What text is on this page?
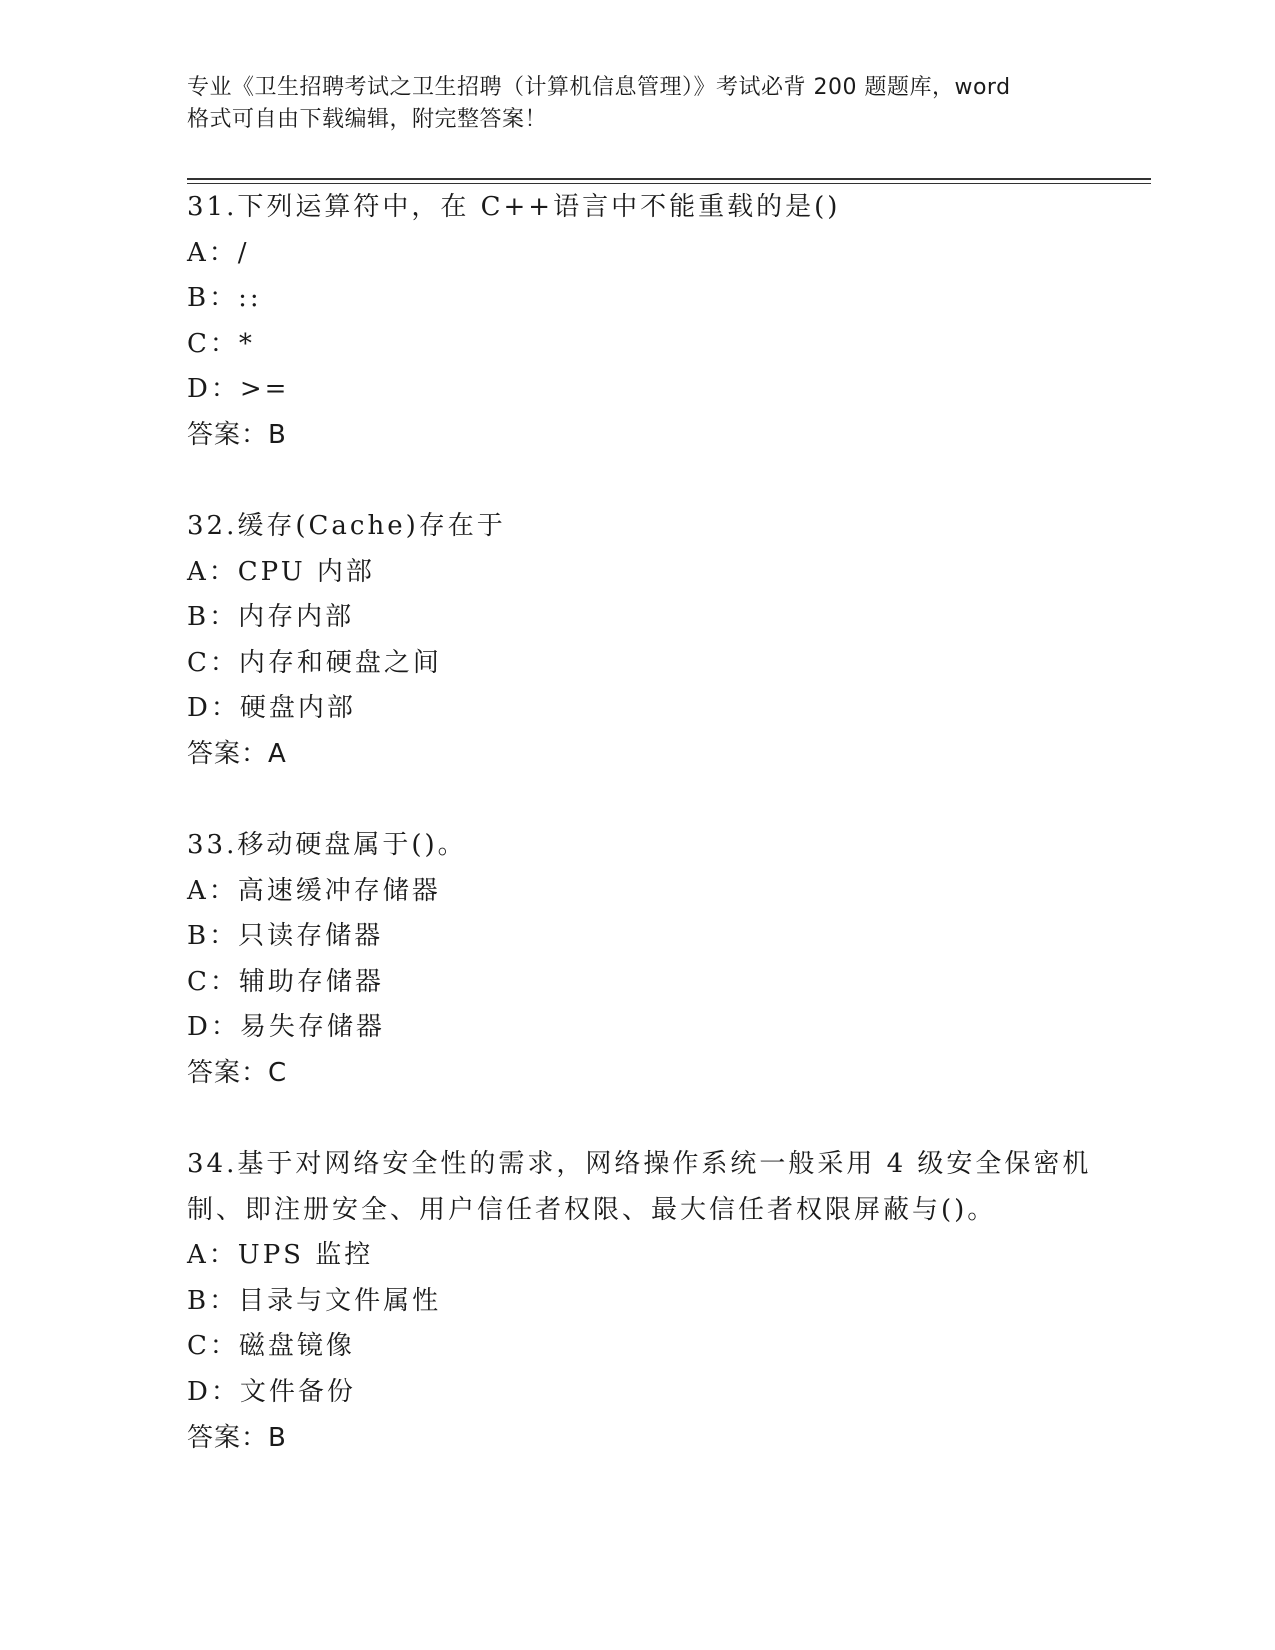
专业《卫生招聘考试之卫生招聘（计算机信息管理）》考试必背 200 题题库，word
格式可自由下载编辑，附完整答案！
31.下列运算符中，在 C++语言中不能重载的是()
A：/
B：::
C：*
D：>=
答案：B
32.缓存(Cache)存在于
A：CPU 内部
B：内存内部
C：内存和硬盘之间
D：硬盘内部
答案：A
33.移动硬盘属于()。
A：高速缓冲存储器
B：只读存储器
C：辅助存储器
D：易失存储器
答案：C
34.基于对网络安全性的需求，网络操作系统一般采用 4 级安全保密机
制、即注册安全、用户信任者权限、最大信任者权限屏蔽与()。
A：UPS 监控
B：目录与文件属性
C：磁盘镜像
D：文件备份
答案：B
